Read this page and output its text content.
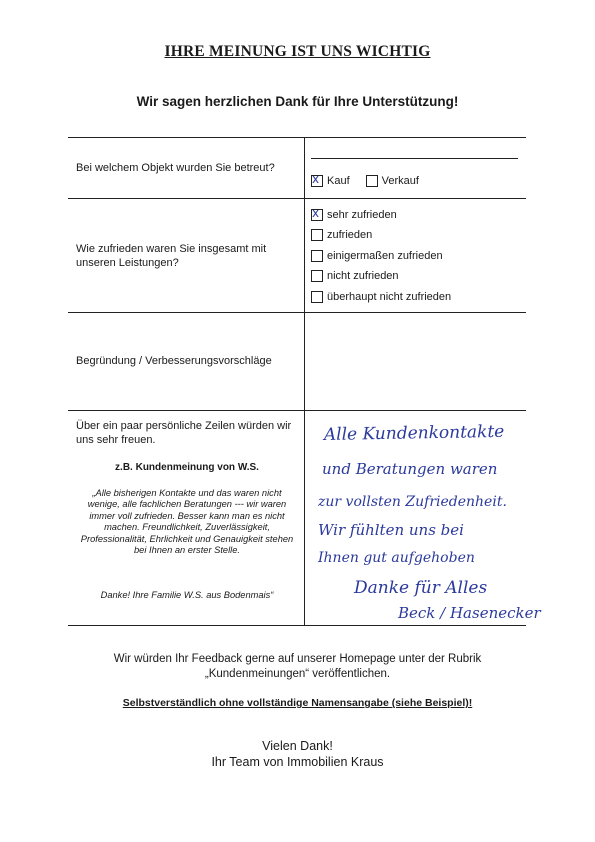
IHRE MEINUNG IST UNS WICHTIG
Wir sagen herzlichen Dank für Ihre Unterstützung!
Bei welchem Objekt wurden Sie betreut?
x
Kauf	Verkauf
Wie zufrieden waren Sie insgesamt mit unseren Leistungen?
x
sehr zufrieden
zufrieden
einigermaßen zufrieden
nicht zufrieden
überhaupt nicht zufrieden
Begründung / Verbesserungsvorschläge
Über ein paar persönliche Zeilen würden wir uns sehr freuen.
z.B. Kundenmeinung von W.S.
„Alle bisherigen Kontakte und das waren nicht wenige, alle fachlichen Beratungen --- wir waren immer voll zufrieden. Besser kann man es nicht machen. Freundlichkeit, Zuverlässigkeit, Professionalität, Ehrlichkeit und Genauigkeit stehen bei Ihnen an erster Stelle.
Danke! Ihre Familie W.S. aus Bodenmais“
Alle Kundenkontakte
und Beratungen waren
zur vollsten Zufriedenheit.
Wir fühlten uns bei
Ihnen gut aufgehoben
Danke für Alles
Beck / Hasenecker
Wir würden Ihr Feedback gerne auf unserer Homepage unter der Rubrik
„Kundenmeinungen“ veröffentlichen.
Selbstverständlich ohne vollständige Namensangabe (siehe Beispiel)!
Vielen Dank!
Ihr Team von Immobilien Kraus
